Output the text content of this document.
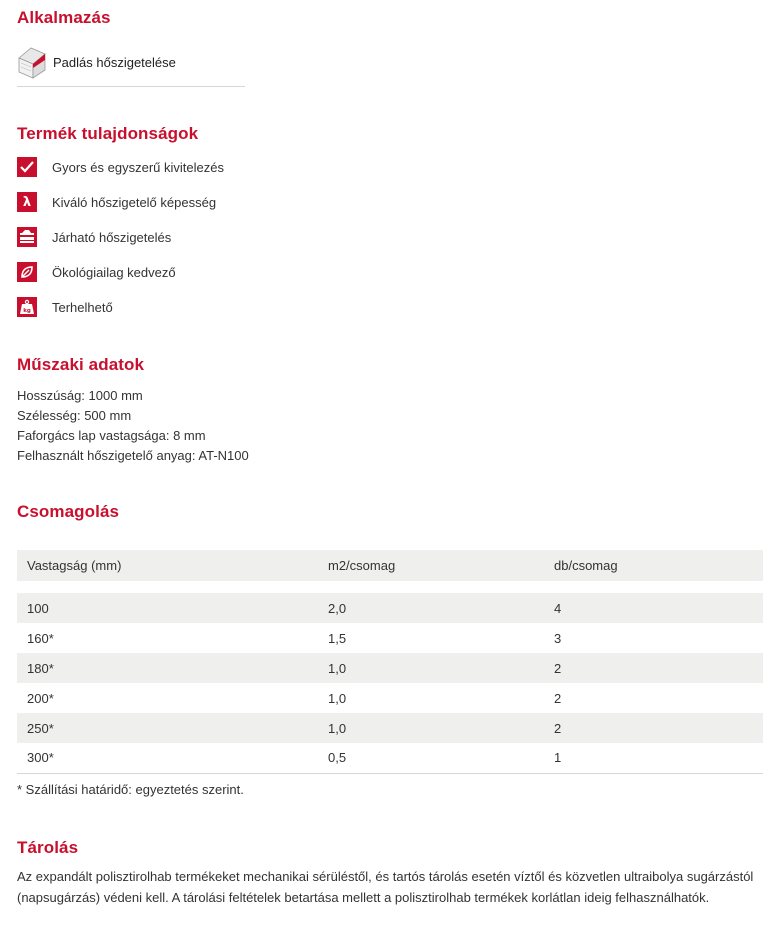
Alkalmazás
Padlás hőszigetelése
Termék tulajdonságok
Gyors és egyszerű kivitelezés
λ Kiváló hőszigetelő képesség
Járható hőszigetelés
Ökológiailag kedvező
kg Terhelhető
Műszaki adatok
Hosszúság: 1000 mm
Szélesség: 500 mm
Faforgács lap vastagsága: 8 mm
Felhasznált hőszigetelő anyag: AT-N100
Csomagolás
Vastagság (mm)	m2/csomag	db/csomag

100	2,0	4
160*	1,5	3
180*	1,0	2
200*	1,0	2
250*	1,0	2
300*	0,5	1
* Szállítási határidő: egyeztetés szerint.
Tárolás

Az expandált polisztirolhab termékeket mechanikai sérüléstől, és tartós tárolás esetén víztől és közvetlen ultraibolya sugárzástól (napsugárzás) védeni kell. A tárolási feltételek betartása mellett a polisztirolhab termékek korlátlan ideig felhasználhatók.
